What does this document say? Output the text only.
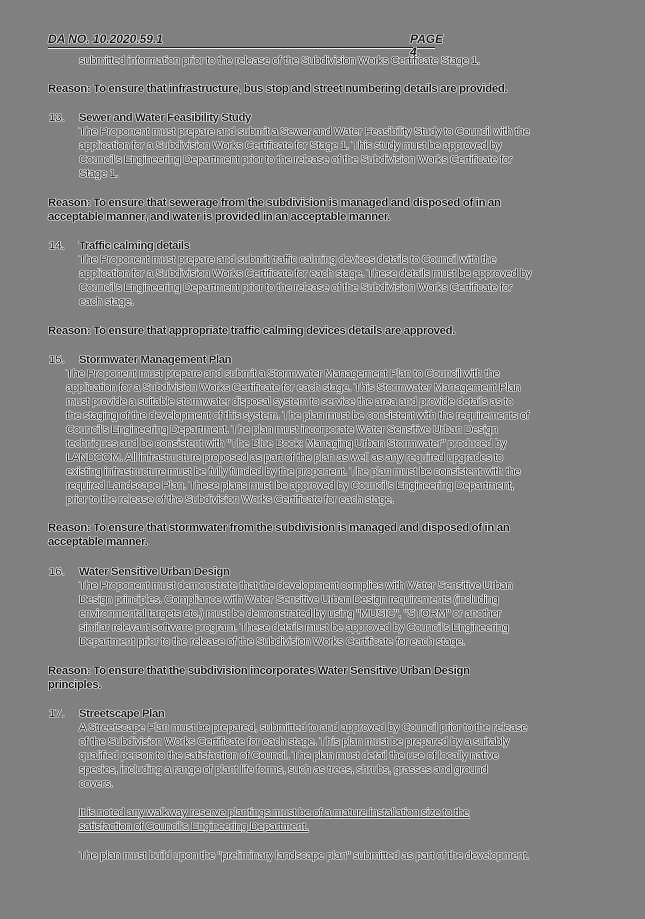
DA NO. 10.2020.59.1	PAGE 4.
submitted information prior to the release of the Subdivision Works Certificate Stage 1.
Reason: To ensure that infrastructure, bus stop and street numbering details are provided.
13. Sewer and Water Feasibility Study
The Proponent must prepare and submit a Sewer and Water Feasibility Study to Council with the
application for a Subdivision Works Certificate for Stage 1. This study must be approved by
Council's Engineering Department prior to the release of the Subdivision Works Certificate for
Stage 1.
Reason: To ensure that sewerage from the subdivision is managed and disposed of in an
acceptable manner, and water is provided in an acceptable manner.
14. Traffic calming details
The Proponent must prepare and submit traffic calming devices details to Council with the
application for a Subdivision Works Certificate for each stage. These details must be approved by
Council's Engineering Department prior to the release of the Subdivision Works Certificate for
each stage.
Reason: To ensure that appropriate traffic calming devices details are approved.
15. Stormwater Management Plan
The Proponent must prepare and submit a Stormwater Management Plan to Council with the
application for a Subdivision Works Certificate for each stage. This Stormwater Management Plan
must provide a suitable stormwater disposal system to service the area and provide details as to
the staging of the development of this system. The plan must be consistent with the requirements of
Council's Engineering Department. The plan must incorporate Water Sensitive Urban Design
techniques and be consistent with "The Blue Book: Managing Urban Stormwater" produced by
LANDCOM. All infrastructure proposed as part of the plan as well as any required upgrades to
existing infrastructure must be fully funded by the proponent. The plan must be consistent with the
required Landscape Plan. These plans must be approved by Council's Engineering Department,
prior to the release of the Subdivision Works Certificate for each stage.
Reason: To ensure that stormwater from the subdivision is managed and disposed of in an
acceptable manner.
16. Water Sensitive Urban Design
The Proponent must demonstrate that the development complies with Water Sensitive Urban
Design principles. Compliance with Water Sensitive Urban Design requirements (including
environmental targets etc.) must be demonstrated by using "MUSIC", "STORM" or another
similar relevant software program. These details must be approved by Council's Engineering
Department prior to the release of the Subdivision Works Certificate for each stage.
Reason: To ensure that the subdivision incorporates Water Sensitive Urban Design
principles.
17. Streetscape Plan
A Streetscape Plan must be prepared, submitted to and approved by Council prior to the release
of the Subdivision Works Certificate for each stage. This plan must be prepared by a suitably
qualified person to the satisfaction of Council. The plan must detail the use of locally native
species, including a range of plant life forms, such as trees, shrubs, grasses and ground
covers.
It is noted any walkway reserve plantings must be of a mature installation size to the
satisfaction of Council's Engineering Department.
The plan must build upon the "preliminary landscape plan" submitted as part of the development.
